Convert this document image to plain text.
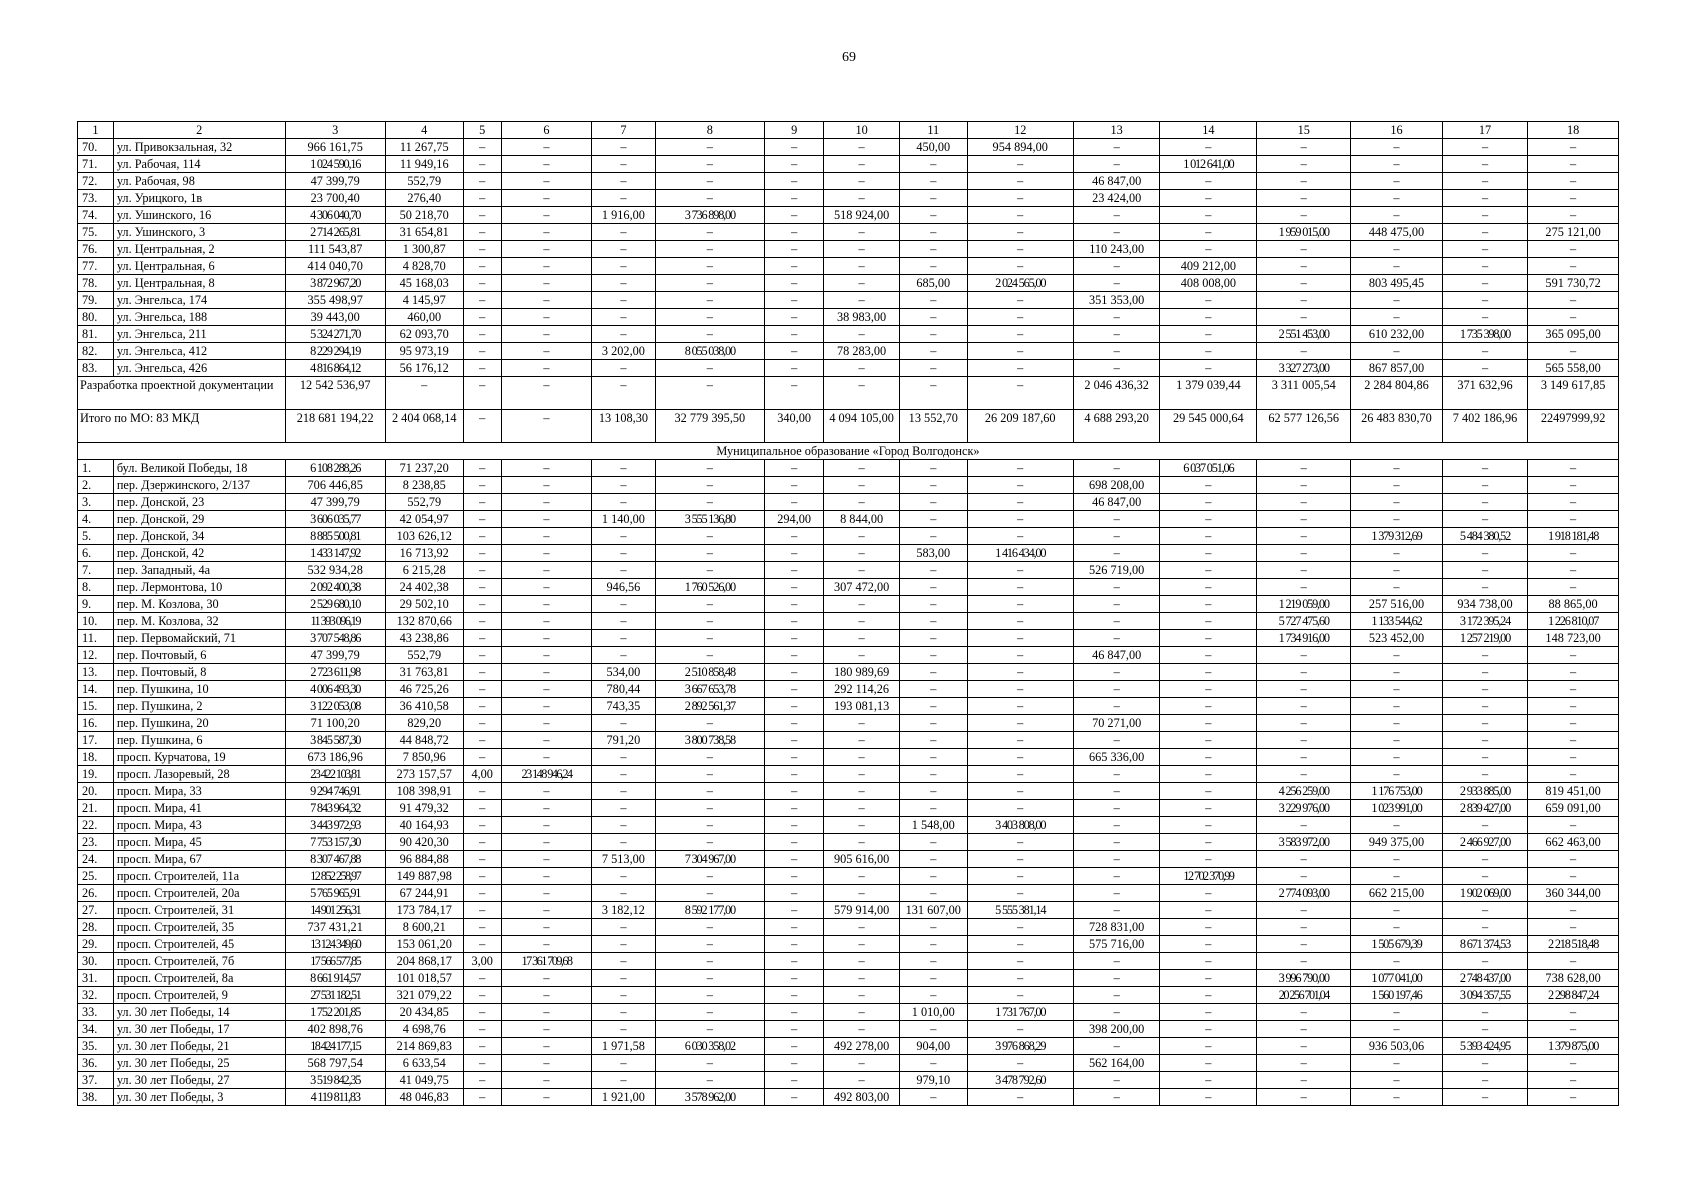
69
1	2	3	4	5	6	7	8	9	10	11	12	13	14	15	16	17	18
70.	ул. Привокзальная, 32	966 161,75	11 267,75	–	–	–	–	–	–	450,00	954 894,00	–	–	–	–	–	–
71.	ул. Рабочая, 114	1 024 590,16	11 949,16	–	–	–	–	–	–	–	–	–	1 012 641,00	–	–	–	–
72.	ул. Рабочая, 98	47 399,79	552,79	–	–	–	–	–	–	–	–	46 847,00	–	–	–	–	–
73.	ул. Урицкого, 1в	23 700,40	276,40	–	–	–	–	–	–	–	–	23 424,00	–	–	–	–	–
74.	ул. Ушинского, 16	4 306 040,70	50 218,70	–	–	1 916,00	3 736 898,00	–	518 924,00	–	–	–	–	–	–	–	–
75.	ул. Ушинского, 3	2 714 265,81	31 654,81	–	–	–	–	–	–	–	–	–	–	1 959 015,00	448 475,00	–	275 121,00
76.	ул. Центральная, 2	111 543,87	1 300,87	–	–	–	–	–	–	–	–	110 243,00	–	–	–	–	–
77.	ул. Центральная, 6	414 040,70	4 828,70	–	–	–	–	–	–	–	–	–	409 212,00	–	–	–	–
78.	ул. Центральная, 8	3 872 967,20	45 168,03	–	–	–	–	–	–	685,00	2 024 565,00	–	408 008,00	–	803 495,45	–	591 730,72
79.	ул. Энгельса, 174	355 498,97	4 145,97	–	–	–	–	–	–	–	–	351 353,00	–	–	–	–	–
80.	ул. Энгельса, 188	39 443,00	460,00	–	–	–	–	–	38 983,00	–	–	–	–	–	–	–	–
81.	ул. Энгельса, 211	5 324 271,70	62 093,70	–	–	–	–	–	–	–	–	–	–	2 551 453,00	610 232,00	1 735 398,00	365 095,00
82.	ул. Энгельса, 412	8 229 294,19	95 973,19	–	–	3 202,00	8 055 038,00	–	78 283,00	–	–	–	–	–	–	–	–
83.	ул. Энгельса, 426	4 816 864,12	56 176,12	–	–	–	–	–	–	–	–	–	–	3 327 273,00	867 857,00	–	565 558,00
Разработка проектной документации		12 542 536,97	–	–	–	–	–	–	–	–	–	2 046 436,32	1 379 039,44	3 311 005,54	2 284 804,86	371 632,96	3 149 617,85
Итого по МО: 83 МКД		218 681 194,22	2 404 068,14	–	–	13 108,30	32 779 395,50	340,00	4 094 105,00	13 552,70	26 209 187,60	4 688 293,20	29 545 000,64	62 577 126,56	26 483 830,70	7 402 186,96	22497999,92
Муниципальное образование «Город Волгодонск»																	
1.	бул. Великой Победы, 18	6 108 288,26	71 237,20	–	–	–	–	–	–	–	–	–	6 037 051,06	–	–	–	–
2.	пер. Дзержинского, 2/137	706 446,85	8 238,85	–	–	–	–	–	–	–	–	698 208,00	–	–	–	–	–
3.	пер. Донской, 23	47 399,79	552,79	–	–	–	–	–	–	–	–	46 847,00	–	–	–	–	–
4.	пер. Донской, 29	3 606 035,77	42 054,97	–	–	1 140,00	3 555 136,80	294,00	8 844,00	–	–	–	–	–	–	–	–
5.	пер. Донской, 34	8 885 500,81	103 626,12	–	–	–	–	–	–	–	–	–	–	–	1 379 312,69	5 484 380,52	1 918 181,48
6.	пер. Донской, 42	1 433 147,92	16 713,92	–	–	–	–	–	–	583,00	1 416 434,00	–	–	–	–	–	–
7.	пер. Западный, 4а	532 934,28	6 215,28	–	–	–	–	–	–	–	–	526 719,00	–	–	–	–	–
8.	пер. Лермонтова, 10	2 092 400,38	24 402,38	–	–	946,56	1 760 526,00	–	307 472,00	–	–	–	–	–	–	–	–
9.	пер. М. Козлова, 30	2 529 680,10	29 502,10	–	–	–	–	–	–	–	–	–	–	1 219 059,00	257 516,00	934 738,00	88 865,00
10.	пер. М. Козлова, 32	11 393 096,19	132 870,66	–	–	–	–	–	–	–	–	–	–	5 727 475,60	1 133 544,62	3 172 395,24	1 226 810,07
11.	пер. Первомайский, 71	3 707 548,86	43 238,86	–	–	–	–	–	–	–	–	–	–	1 734 916,00	523 452,00	1 257 219,00	148 723,00
12.	пер. Почтовый, 6	47 399,79	552,79	–	–	–	–	–	–	–	–	46 847,00	–	–	–	–	–
13.	пер. Почтовый, 8	2 723 611,98	31 763,81	–	–	534,00	2 510 858,48	–	180 989,69	–	–	–	–	–	–	–	–
14.	пер. Пушкина, 10	4 006 493,30	46 725,26	–	–	780,44	3 667 653,78	–	292 114,26	–	–	–	–	–	–	–	–
15.	пер. Пушкина, 2	3 122 053,08	36 410,58	–	–	743,35	2 892 561,37	–	193 081,13	–	–	–	–	–	–	–	–
16.	пер. Пушкина, 20	71 100,20	829,20	–	–	–	–	–	–	–	–	70 271,00	–	–	–	–	–
17.	пер. Пушкина, 6	3 845 587,30	44 848,72	–	–	791,20	3 800 738,58	–	–	–	–	–	–	–	–	–	–
18.	просп. Курчатова, 19	673 186,96	7 850,96	–	–	–	–	–	–	–	–	665 336,00	–	–	–	–	–
19.	просп. Лазоревый, 28	23 422 103,81	273 157,57	4,00	23 148 946,24	–	–	–	–	–	–	–	–	–	–	–	–
20.	просп. Мира, 33	9 294 746,91	108 398,91	–	–	–	–	–	–	–	–	–	–	4 256 259,00	1 176 753,00	2 933 885,00	819 451,00
21.	просп. Мира, 41	7 843 964,32	91 479,32	–	–	–	–	–	–	–	–	–	–	3 229 976,00	1 023 991,00	2 839 427,00	659 091,00
22.	просп. Мира, 43	3 443 972,93	40 164,93	–	–	–	–	–	–	1 548,00	3 403 808,00	–	–	–	–	–	–
23.	просп. Мира, 45	7 753 157,30	90 420,30	–	–	–	–	–	–	–	–	–	–	3 583 972,00	949 375,00	2 466 927,00	662 463,00
24.	просп. Мира, 67	8 307 467,88	96 884,88	–	–	7 513,00	7 304 967,00	–	905 616,00	–	–	–	–	–	–	–	–
25.	просп. Строителей, 11а	12 852 258,97	149 887,98	–	–	–	–	–	–	–	–	–	12 702 370,99	–	–	–	–
26.	просп. Строителей, 20а	5 765 965,91	67 244,91	–	–	–	–	–	–	–	–	–	–	2 774 093,00	662 215,00	1 902 069,00	360 344,00
27.	просп. Строителей, 31	14 901 256,31	173 784,17	–	–	3 182,12	8 592 177,00	–	579 914,00	131 607,00	5 555 381,14	–	–	–	–	–	–
28.	просп. Строителей, 35	737 431,21	8 600,21	–	–	–	–	–	–	–	–	728 831,00	–	–	–	–	–
29.	просп. Строителей, 45	13 124 349,60	153 061,20	–	–	–	–	–	–	–	–	575 716,00	–	–	1 505 679,39	8 671 374,53	2 218 518,48
30.	просп. Строителей, 7б	17 566 577,85	204 868,17	3,00	17 361 709,68	–	–	–	–	–	–	–	–	–	–	–	–
31.	просп. Строителей, 8а	8 661 914,57	101 018,57	–	–	–	–	–	–	–	–	–	–	3 996 790,00	1 077 041,00	2 748 437,00	738 628,00
32.	просп. Строителей, 9	27 531 182,51	321 079,22	–	–	–	–	–	–	–	–	–	–	20 256 701,04	1 560 197,46	3 094 357,55	2 298 847,24
33.	ул. 30 лет Победы, 14	1 752 201,85	20 434,85	–	–	–	–	–	–	1 010,00	1 731 767,00	–	–	–	–	–	–
34.	ул. 30 лет Победы, 17	402 898,76	4 698,76	–	–	–	–	–	–	–	–	398 200,00	–	–	–	–	–
35.	ул. 30 лет Победы, 21	18 424 177,15	214 869,83	–	–	1 971,58	6 030 358,02	–	492 278,00	904,00	3 976 868,29	–	–	–	936 503,06	5 393 424,95	1 379 875,00
36.	ул. 30 лет Победы, 25	568 797,54	6 633,54	–	–	–	–	–	–	–	–	562 164,00	–	–	–	–	–
37.	ул. 30 лет Победы, 27	3 519 842,35	41 049,75	–	–	–	–	–	–	979,10	3 478 792,60	–	–	–	–	–	–
38.	ул. 30 лет Победы, 3	4 119 811,83	48 046,83	–	–	1 921,00	3 578 962,00	–	492 803,00	–	–	–	–	–	–	–	–
